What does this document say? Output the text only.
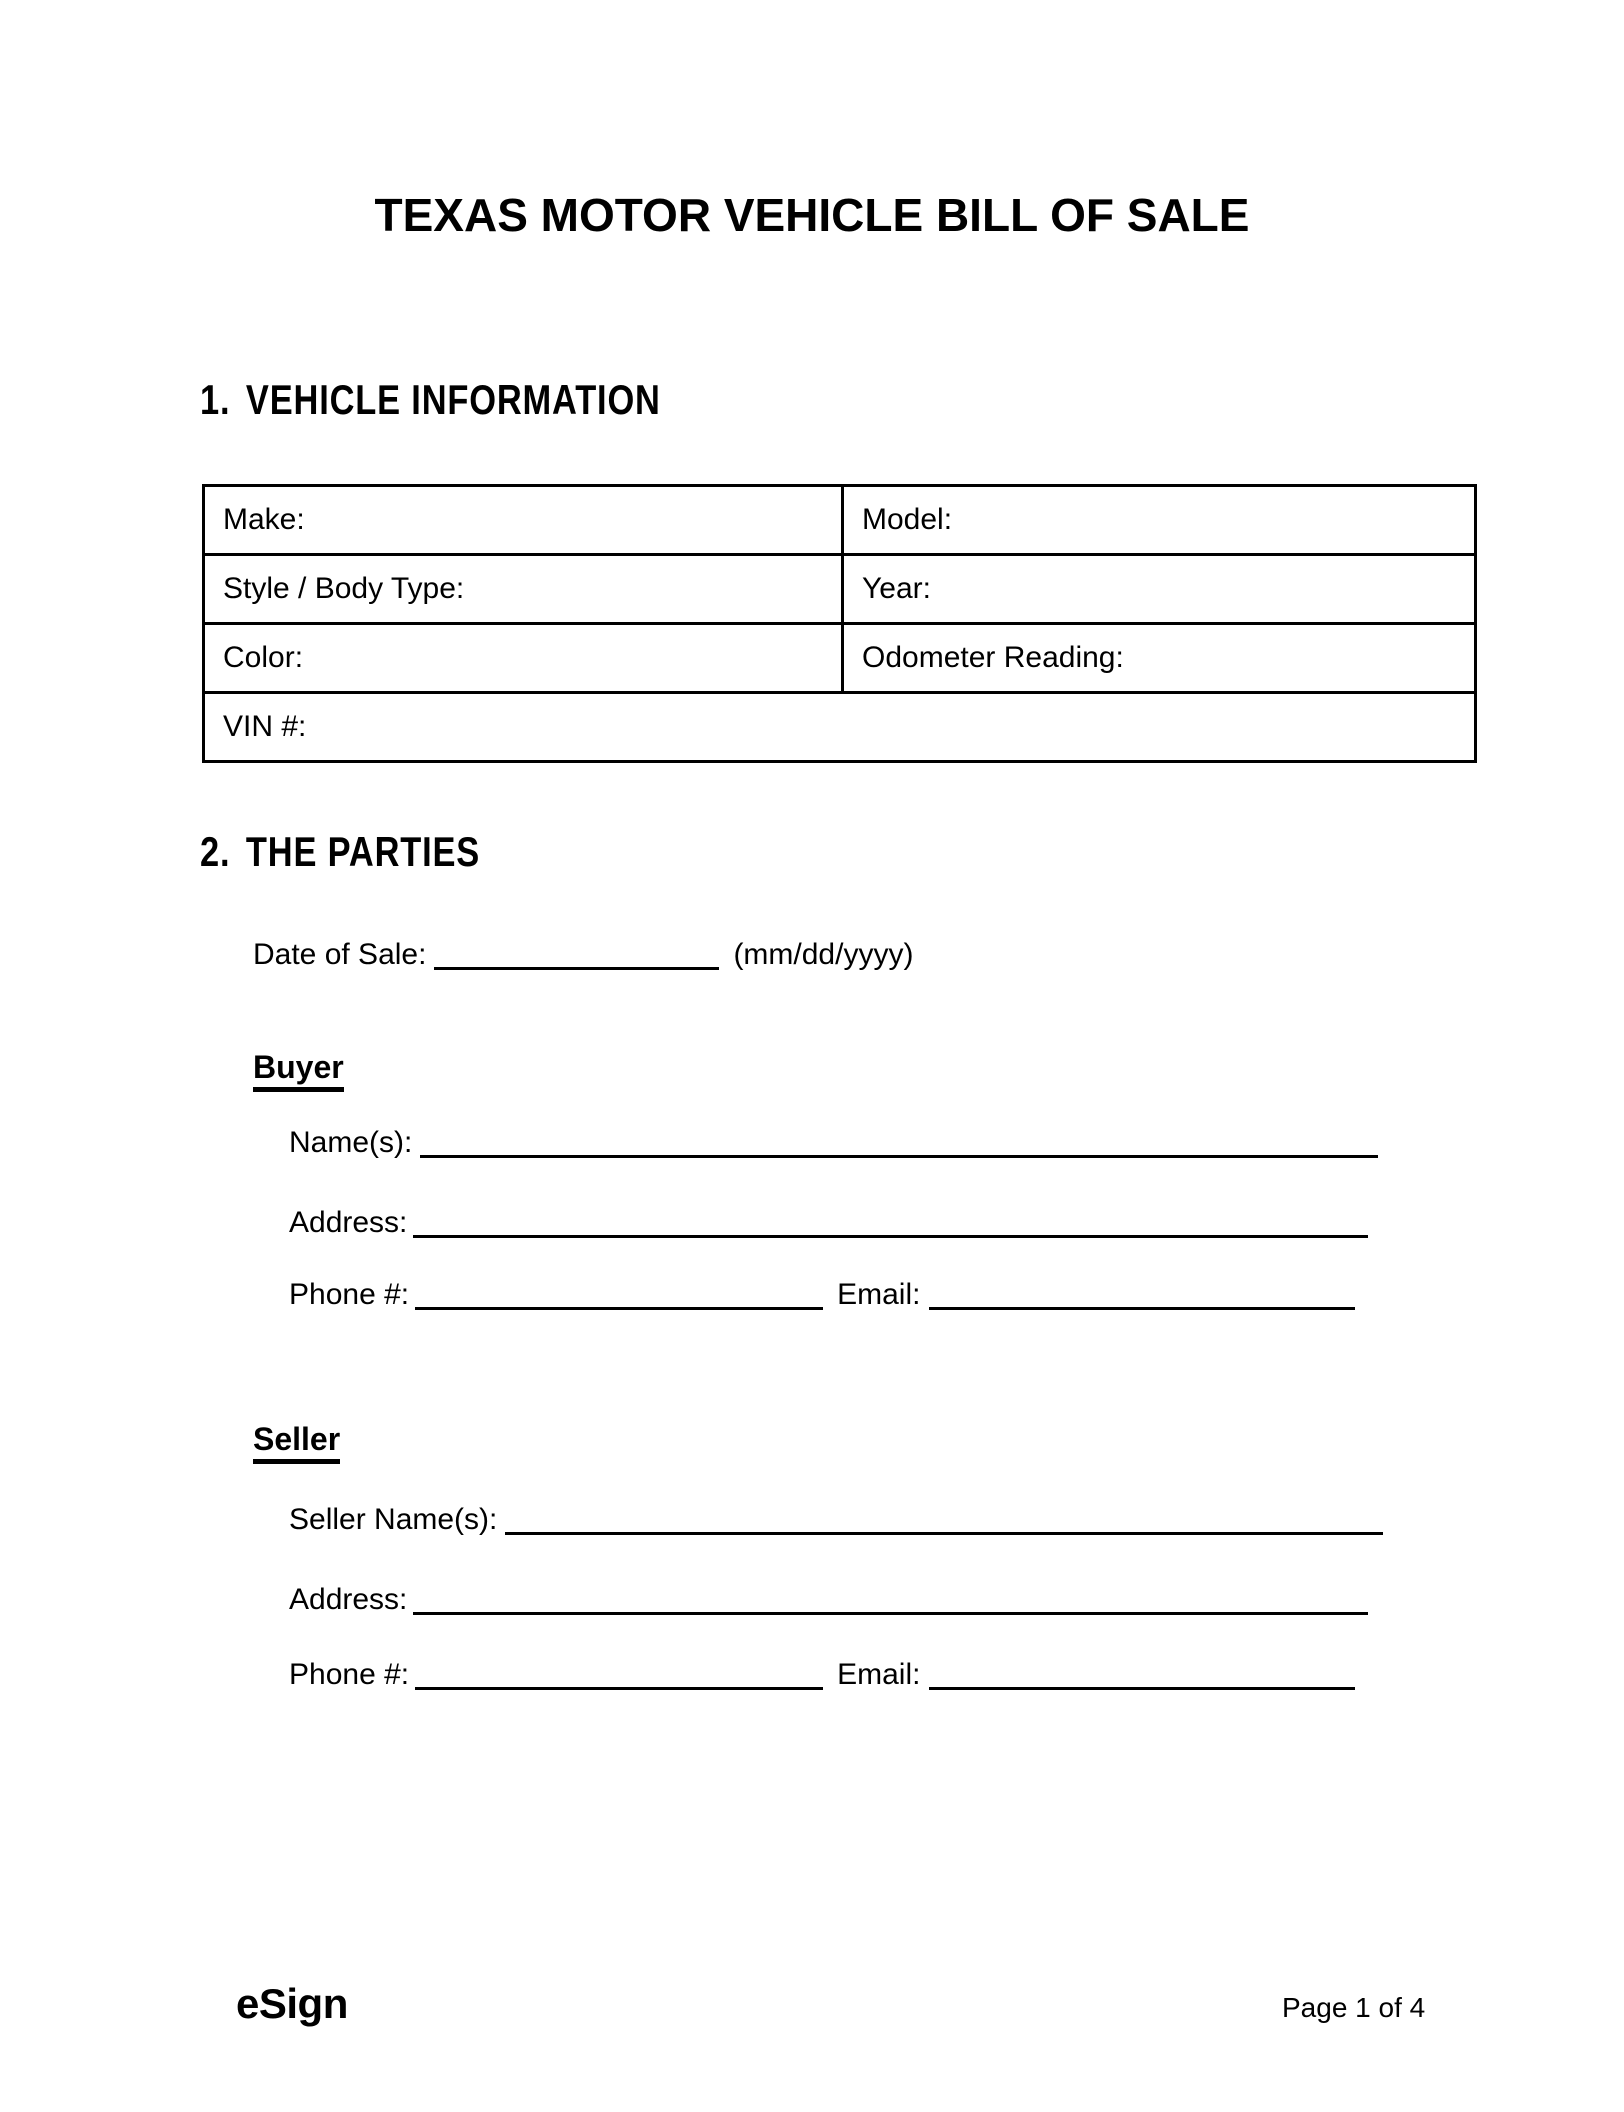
TEXAS MOTOR VEHICLE BILL OF SALE
1. VEHICLE INFORMATION
Make:	Model:
Style / Body Type:	Year:
Color:	Odometer Reading:
VIN #:	
2. THE PARTIES
Date of Sale:	(mm/dd/yyyy)
Buyer
Name(s):
Address:
Phone #:	Email:
Seller
Seller Name(s):
Address:
Phone #:	Email:
eSign	Page 1 of 4
